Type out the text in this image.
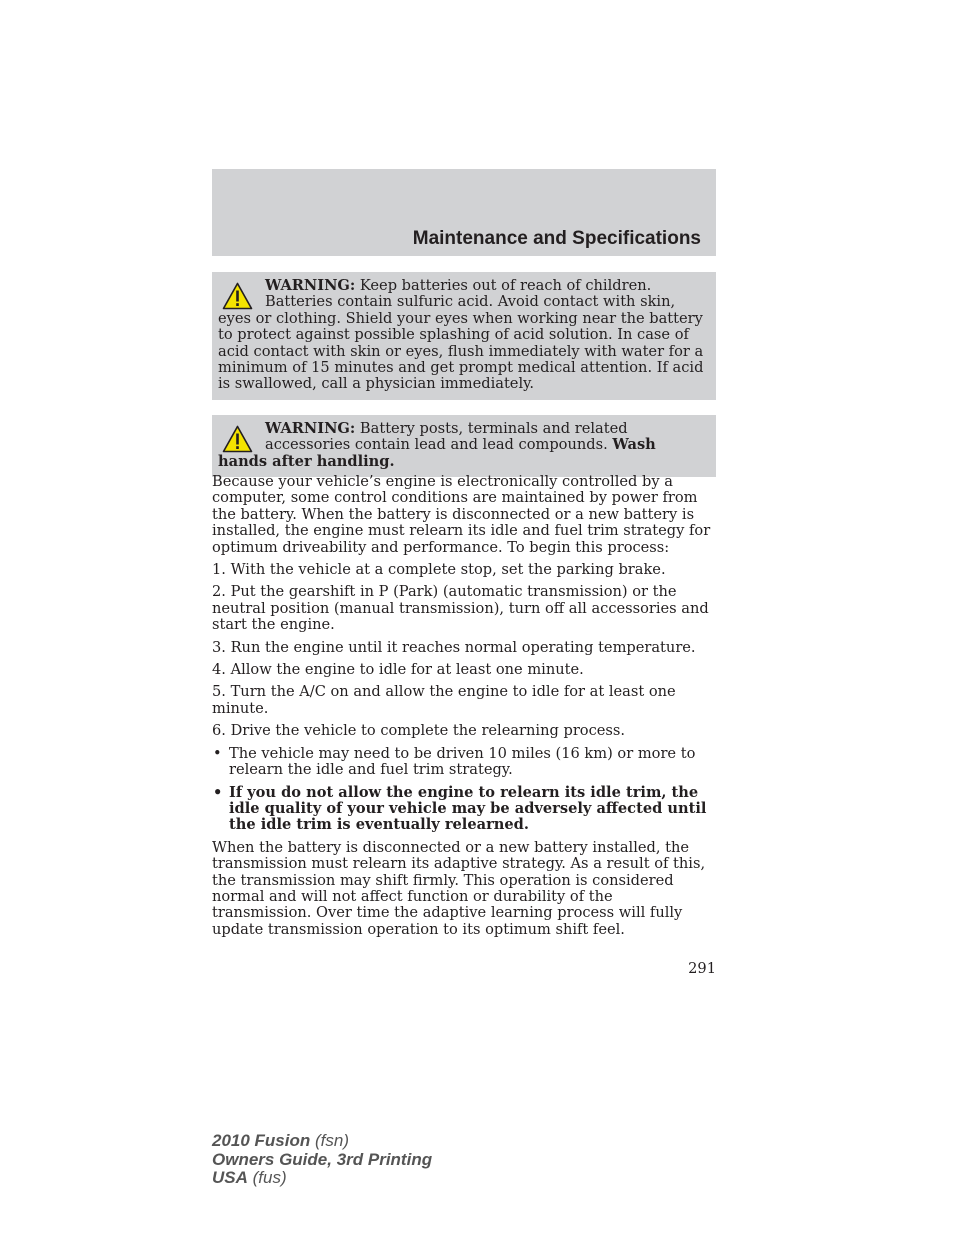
Maintenance and Specifications
WARNING: Keep batteries out of reach of children. Batteries contain sulfuric acid. Avoid contact with skin, eyes or clothing. Shield your eyes when working near the battery to protect against possible splashing of acid solution. In case of acid contact with skin or eyes, flush immediately with water for a minimum of 15 minutes and get prompt medical attention. If acid is swallowed, call a physician immediately.
WARNING: Battery posts, terminals and related accessories contain lead and lead compounds. Wash hands after handling.

Because your vehicle’s engine is electronically controlled by a computer, some control conditions are maintained by power from the battery. When the battery is disconnected or a new battery is installed, the engine must relearn its idle and fuel trim strategy for optimum driveability and performance. To begin this process:

1. With the vehicle at a complete stop, set the parking brake.

2. Put the gearshift in P (Park) (automatic transmission) or the neutral position (manual transmission), turn off all accessories and start the engine.

3. Run the engine until it reaches normal operating temperature.

4. Allow the engine to idle for at least one minute.

5. Turn the A/C on and allow the engine to idle for at least one minute.

6. Drive the vehicle to complete the relearning process.

• The vehicle may need to be driven 10 miles (16 km) or more to relearn the idle and fuel trim strategy.
• If you do not allow the engine to relearn its idle trim, the idle quality of your vehicle may be adversely affected until the idle trim is eventually relearned.

When the battery is disconnected or a new battery installed, the transmission must relearn its adaptive strategy. As a result of this, the transmission may shift firmly. This operation is considered normal and will not affect function or durability of the transmission. Over time the adaptive learning process will fully update transmission operation to its optimum shift feel.

291
2010 Fusion (fsn)
Owners Guide, 3rd Printing
USA (fus)
